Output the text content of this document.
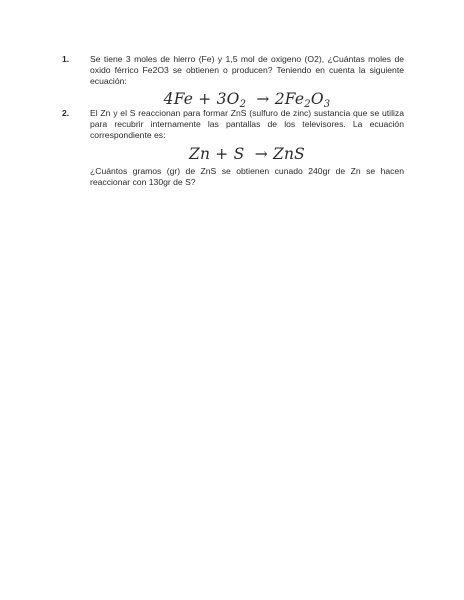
1. Se tiene 3 moles de hierro (Fe) y 1,5 mol de oxigeno (O2), ¿Cuántas moles de oxido férrico Fe2O3 se obtienen o producen? Teniendo en cuenta la siguiente ecuación:
4Fe + 3O2 → 2Fe2O3
2. El Zn y el S reaccionan para formar ZnS (sulfuro de zinc) sustancia que se utiliza para recubrir internamente las pantallas de los televisores. La ecuación correspondiente es:
Zn + S → ZnS
¿Cuántos gramos (gr) de ZnS se obtienen cunado 240gr de Zn se hacen reaccionar con 130gr de S?
